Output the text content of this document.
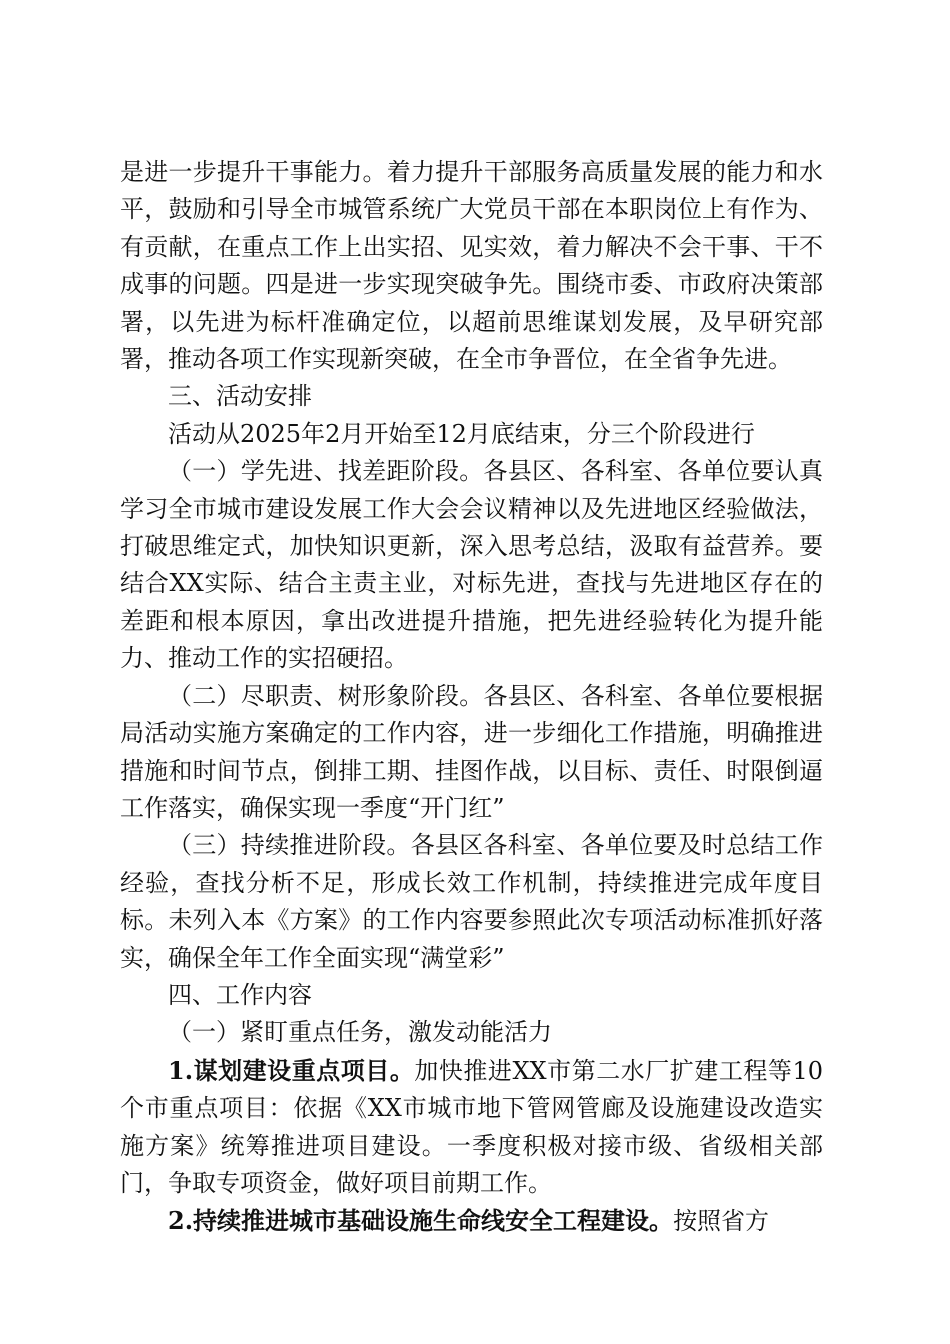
是进一步提升干事能力。着力提升干部服务高质量发展的能力和水平，鼓励和引导全市城管系统广大党员干部在本职岗位上有作为、有贡献，在重点工作上出实招、见实效，着力解决不会干事、干不成事的问题。四是进一步实现突破争先。围绕市委、市政府决策部署，以先进为标杆准确定位，以超前思维谋划发展，及早研究部署，推动各项工作实现新突破，在全市争晋位，在全省争先进。

三、活动安排

活动从2025年2月开始至12月底结束，分三个阶段进行

（一）学先进、找差距阶段。各县区、各科室、各单位要认真学习全市城市建设发展工作大会会议精神以及先进地区经验做法，打破思维定式，加快知识更新，深入思考总结，汲取有益营养。要结合XX实际、结合主责主业，对标先进，查找与先进地区存在的差距和根本原因，拿出改进提升措施，把先进经验转化为提升能力、推动工作的实招硬招。

（二）尽职责、树形象阶段。各县区、各科室、各单位要根据局活动实施方案确定的工作内容，进一步细化工作措施，明确推进措施和时间节点，倒排工期、挂图作战，以目标、责任、时限倒逼工作落实，确保实现一季度“开门红”

（三）持续推进阶段。各县区各科室、各单位要及时总结工作经验，查找分析不足，形成长效工作机制，持续推进完成年度目标。未列入本《方案》的工作内容要参照此次专项活动标准抓好落实，确保全年工作全面实现“满堂彩”

四、工作内容

（一）紧盯重点任务，激发动能活力

1.谋划建设重点项目。加快推进XX市第二水厂扩建工程等10个市重点项目：依据《XX市城市地下管网管廊及设施建设改造实施方案》统筹推进项目建设。一季度积极对接市级、省级相关部门，争取专项资金，做好项目前期工作。

2.持续推进城市基础设施生命线安全工程建设。按照省方
